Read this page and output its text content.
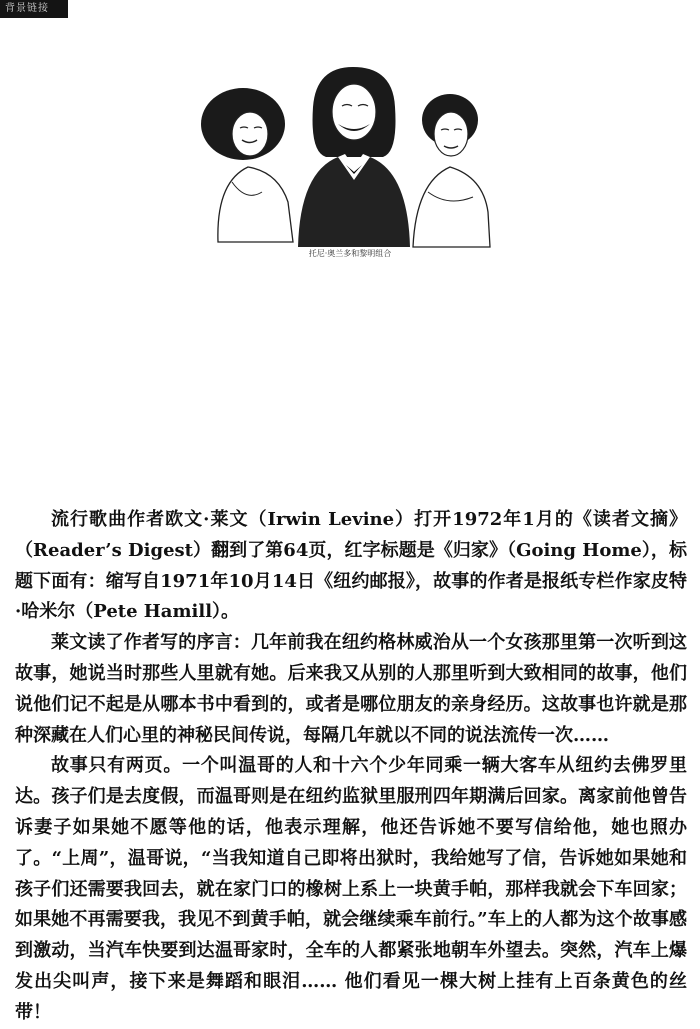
背景链接
托尼·奥兰多和黎明组合

流行歌曲作者欧文·莱文（Irwin Levine）打开1972年1月的《读者文摘》（Reader’s Digest）翻到了第64页，红字标题是《归家》（Going Home），标题下面有：缩写自1971年10月14日《纽约邮报》，故事的作者是报纸专栏作家皮特·哈米尔（Pete Hamill）。

莱文读了作者写的序言：几年前我在纽约格林威治从一个女孩那里第一次听到这故事，她说当时那些人里就有她。后来我又从别的人那里听到大致相同的故事，他们说他们记不起是从哪本书中看到的，或者是哪位朋友的亲身经历。这故事也许就是那种深藏在人们心里的神秘民间传说，每隔几年就以不同的说法流传一次……

故事只有两页。一个叫温哥的人和十六个少年同乘一辆大客车从纽约去佛罗里达。孩子们是去度假，而温哥则是在纽约监狱里服刑四年期满后回家。离家前他曾告诉妻子如果她不愿等他的话，他表示理解，他还告诉她不要写信给他，她也照办了。“上周”，温哥说，“当我知道自己即将出狱时，我给她写了信，告诉她如果她和孩子们还需要我回去，就在家门口的橡树上系上一块黄手帕，那样我就会下车回家；如果她不再需要我，我见不到黄手帕，就会继续乘车前行。”车上的人都为这个故事感到激动，当汽车快要到达温哥家时，全车的人都紧张地朝车外望去。突然，汽车上爆发出尖叫声，接下来是舞蹈和眼泪…… 他们看见一棵大树上挂有上百条黄色的丝带！
